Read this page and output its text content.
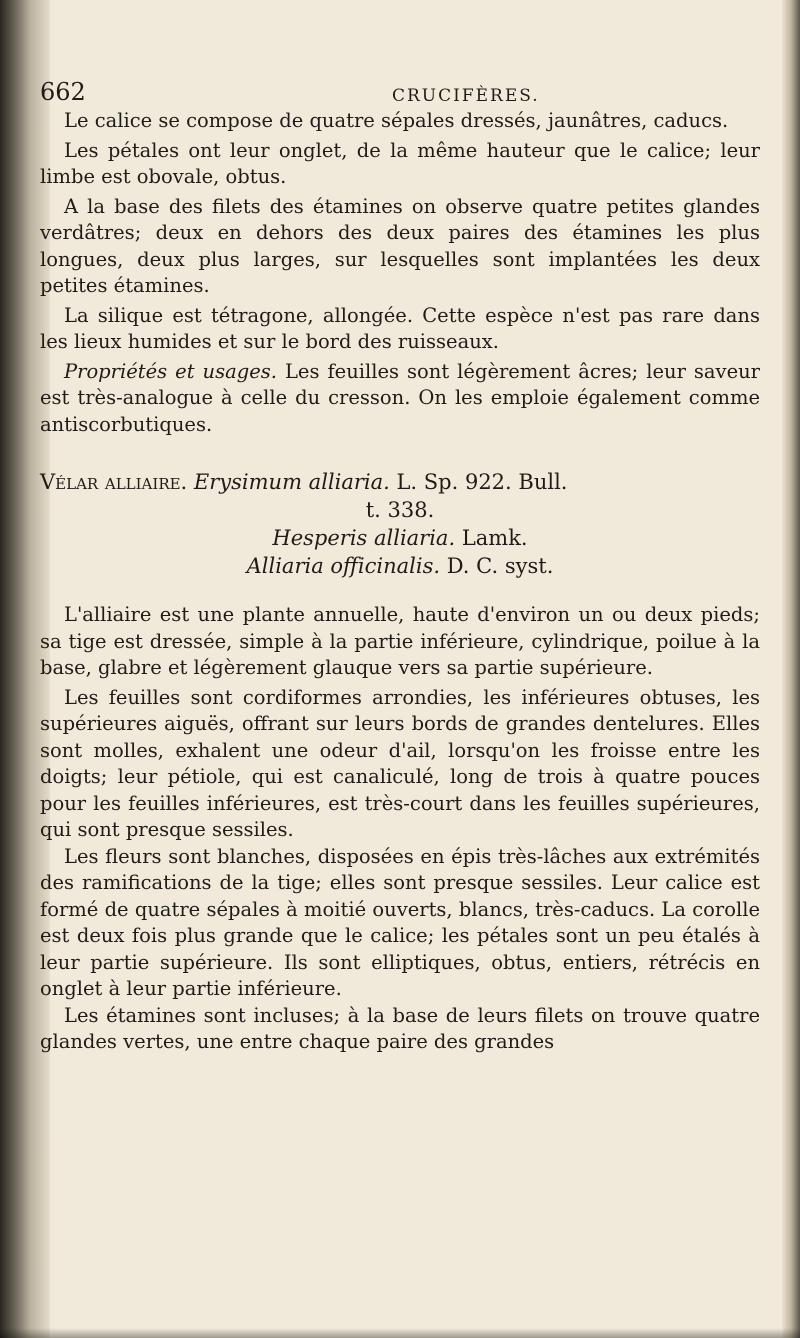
662	CRUCIFÈRES.

Le calice se compose de quatre sépales dressés, jaunâtres, caducs.

Les pétales ont leur onglet, de la même hauteur que le calice; leur limbe est obovale, obtus.

A la base des filets des étamines on observe quatre petites glandes verdâtres; deux en dehors des deux paires des étamines les plus longues, deux plus larges, sur lesquelles sont implantées les deux petites étamines.

La silique est tétragone, allongée. Cette espèce n'est pas rare dans les lieux humides et sur le bord des ruisseaux.

Propriétés et usages. Les feuilles sont légèrement âcres; leur saveur est très-analogue à celle du cresson. On les emploie également comme antiscorbutiques.

Vélar alliaire. Erysimum alliaria. L. Sp. 922. Bull.

t. 338.

Hesperis alliaria. Lamk.

Alliaria officinalis. D. C. syst.

L'alliaire est une plante annuelle, haute d'environ un ou deux pieds; sa tige est dressée, simple à la partie inférieure, cylindrique, poilue à la base, glabre et légèrement glauque vers sa partie supérieure.

Les feuilles sont cordiformes arrondies, les inférieures obtuses, les supérieures aiguës, offrant sur leurs bords de grandes dentelures. Elles sont molles, exhalent une odeur d'ail, lorsqu'on les froisse entre les doigts; leur pétiole, qui est canaliculé, long de trois à quatre pouces pour les feuilles inférieures, est très-court dans les feuilles supérieures, qui sont presque sessiles.

Les fleurs sont blanches, disposées en épis très-lâches aux extrémités des ramifications de la tige; elles sont presque sessiles. Leur calice est formé de quatre sépales à moitié ouverts, blancs, très-caducs. La corolle est deux fois plus grande que le calice; les pétales sont un peu étalés à leur partie supérieure. Ils sont elliptiques, obtus, entiers, rétrécis en onglet à leur partie inférieure.

Les étamines sont incluses; à la base de leurs filets on trouve quatre glandes vertes, une entre chaque paire des grandes
